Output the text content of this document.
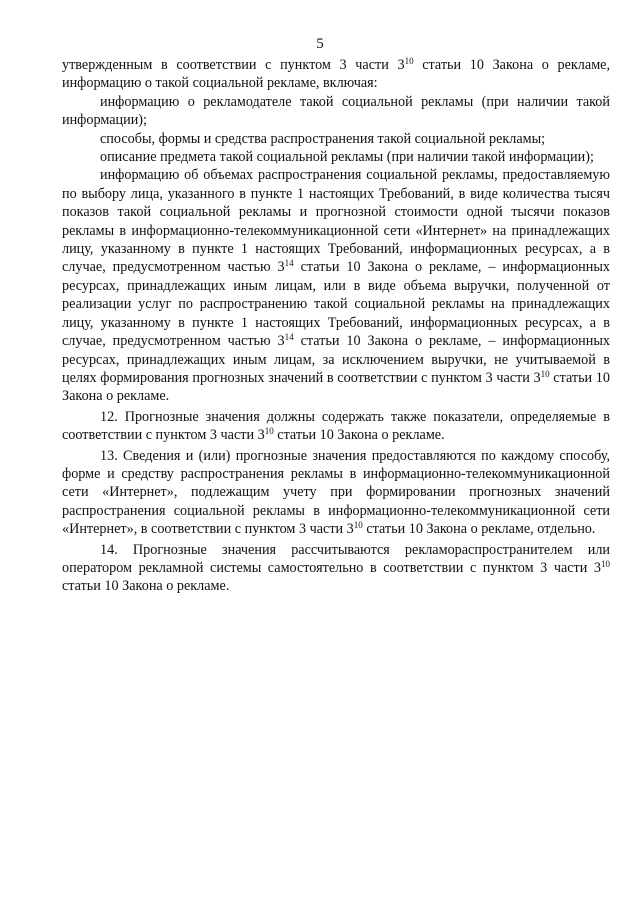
5

утвержденным в соответствии с пунктом 3 части $3^{10}$ статьи 10 Закона о рекламе, информацию о такой социальной рекламе, включая:

информацию о рекламодателе такой социальной рекламы (при наличии такой информации);

способы, формы и средства распространения такой социальной рекламы;

описание предмета такой социальной рекламы (при наличии такой информации);

информацию об объемах распространения социальной рекламы, предоставляемую по выбору лица, указанного в пункте 1 настоящих Требований, в виде количества тысяч показов такой социальной рекламы и прогнозной стоимости одной тысячи показов рекламы в информационно-телекоммуникационной сети «Интернет» на принадлежащих лицу, указанному в пункте 1 настоящих Требований, информационных ресурсах, а в случае, предусмотренном частью $3^{14}$ статьи 10 Закона о рекламе, – информационных ресурсах, принадлежащих иным лицам, или в виде объема выручки, полученной от реализации услуг по распространению такой социальной рекламы на принадлежащих лицу, указанному в пункте 1 настоящих Требований, информационных ресурсах, а в случае, предусмотренном частью $3^{14}$ статьи 10 Закона о рекламе, – информационных ресурсах, принадлежащих иным лицам, за исключением выручки, не учитываемой в целях формирования прогнозных значений в соответствии с пунктом 3 части $3^{10}$ статьи 10 Закона о рекламе.

12. Прогнозные значения должны содержать также показатели, определяемые в соответствии с пунктом 3 части $3^{10}$ статьи 10 Закона о рекламе.

13. Сведения и (или) прогнозные значения предоставляются по каждому способу, форме и средству распространения рекламы в информационно-телекоммуникационной сети «Интернет», подлежащим учету при формировании прогнозных значений распространения социальной рекламы в информационно-телекоммуникационной сети «Интернет», в соответствии с пунктом 3 части $3^{10}$ статьи 10 Закона о рекламе, отдельно.

14. Прогнозные значения рассчитываются рекламораспространителем или оператором рекламной системы самостоятельно в соответствии с пунктом 3 части $3^{10}$ статьи 10 Закона о рекламе.
